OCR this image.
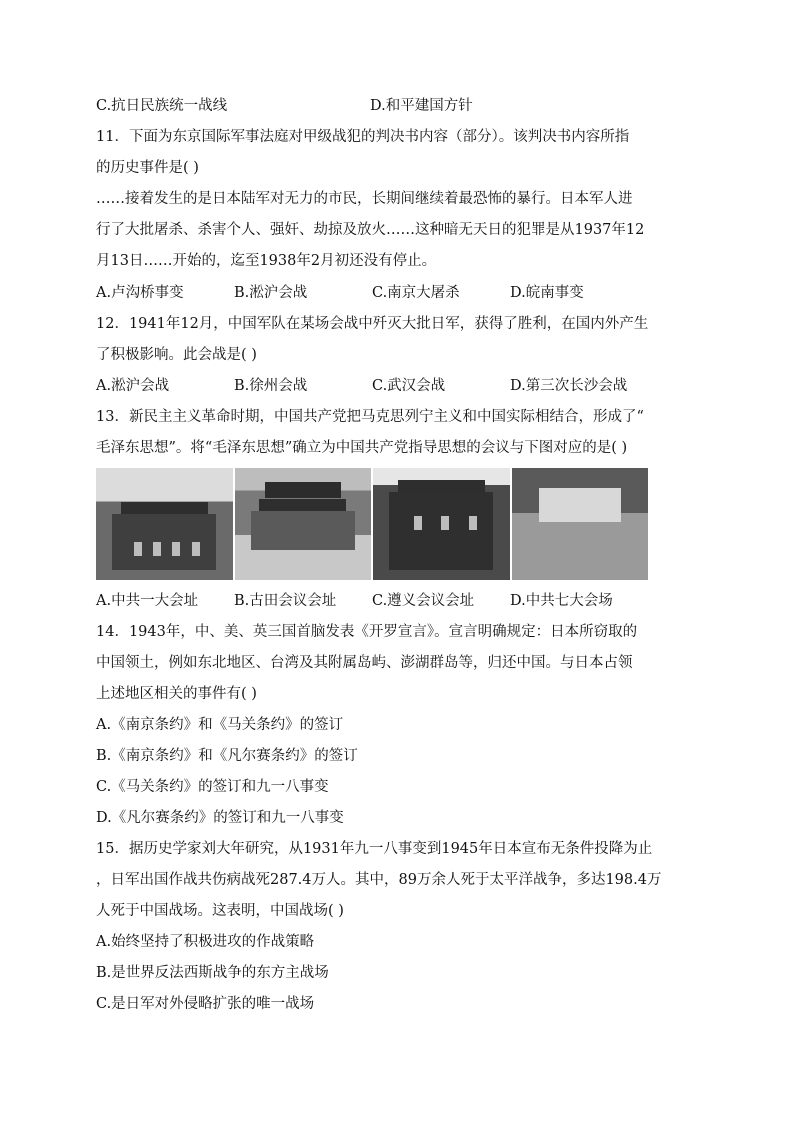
C.抗日民族统一战线	D.和平建国方针
11．下面为东京国际军事法庭对甲级战犯的判决书内容（部分）。该判决书内容所指
的历史事件是( )
……接着发生的是日本陆军对无力的市民，长期间继续着最恐怖的暴行。日本军人进
行了大批屠杀、杀害个人、强奸、劫掠及放火……这种暗无天日的犯罪是从1937年12
月13日……开始的，迄至1938年2月初还没有停止。
A.卢沟桥事变	B.淞沪会战	C.南京大屠杀	D.皖南事变
12．1941年12月，中国军队在某场会战中歼灭大批日军，获得了胜利，在国内外产生
了积极影响。此会战是( )
A.淞沪会战	B.徐州会战	C.武汉会战	D.第三次长沙会战
13．新民主主义革命时期，中国共产党把马克思列宁主义和中国实际相结合，形成了“
毛泽东思想”。将“毛泽东思想”确立为中国共产党指导思想的会议与下图对应的是( )
A.中共一大会址 B.古田会议会址 C.遵义会议会址 D.中共七大会场
14．1943年，中、美、英三国首脑发表《开罗宣言》。宣言明确规定：日本所窃取的
中国领土，例如东北地区、台湾及其附属岛屿、澎湖群岛等，归还中国。与日本占领
上述地区相关的事件有( )
A.《南京条约》和《马关条约》的签订
B.《南京条约》和《凡尔赛条约》的签订
C.《马关条约》的签订和九一八事变
D.《凡尔赛条约》的签订和九一八事变
15．据历史学家刘大年研究，从1931年九一八事变到1945年日本宣布无条件投降为止
，日军出国作战共伤病战死287.4万人。其中，89万余人死于太平洋战争，多达198.4万
人死于中国战场。这表明，中国战场( )
A.始终坚持了积极进攻的作战策略
B.是世界反法西斯战争的东方主战场
C.是日军对外侵略扩张的唯一战场
